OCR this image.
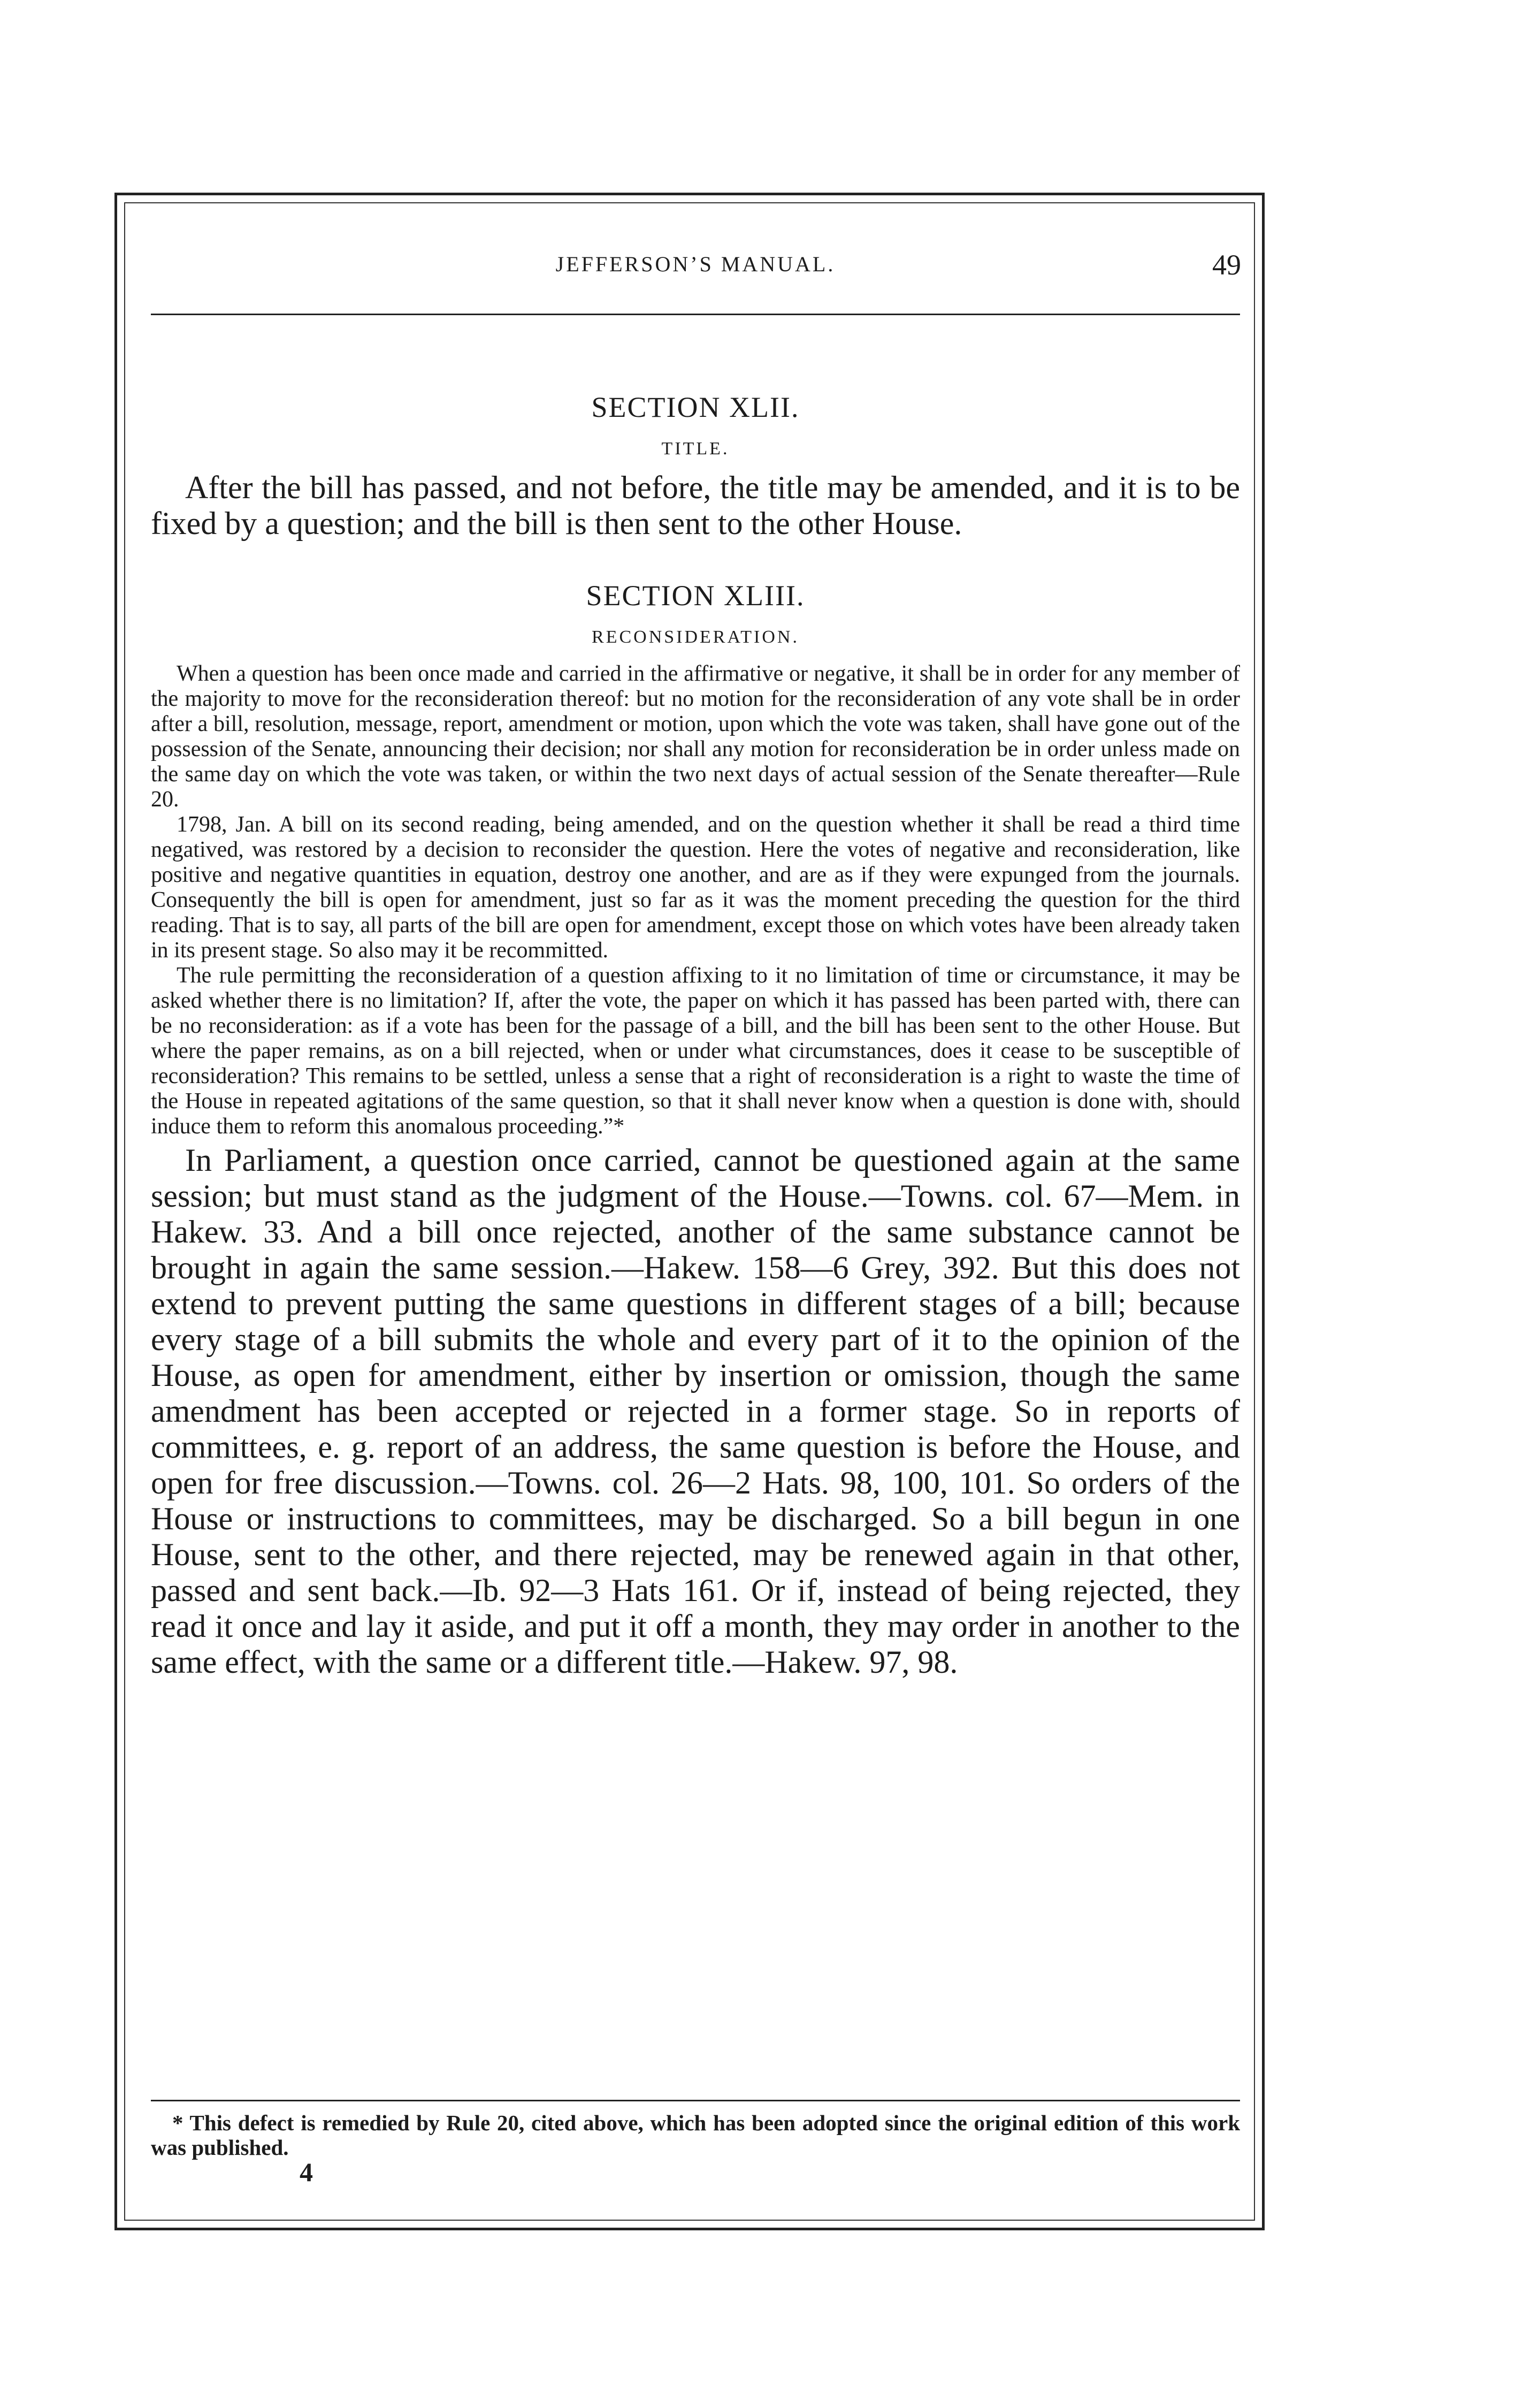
JEFFERSON’S MANUAL.	49
SECTION XLII.
TITLE.

After the bill has passed, and not before, the title may be amended, and it is to be fixed by a question; and the bill is then sent to the other House.

SECTION XLIII.
RECONSIDERATION.

When a question has been once made and carried in the affirmative or negative, it shall be in order for any member of the majority to move for the reconsideration thereof: but no motion for the reconsideration of any vote shall be in order after a bill, resolution, message, report, amendment or motion, upon which the vote was taken, shall have gone out of the possession of the Senate, announcing their decision; nor shall any motion for reconsideration be in order unless made on the same day on which the vote was taken, or within the two next days of actual session of the Senate thereafter—Rule 20.

1798, Jan. A bill on its second reading, being amended, and on the question whether it shall be read a third time negatived, was restored by a decision to reconsider the question. Here the votes of negative and reconsideration, like positive and negative quantities in equation, destroy one another, and are as if they were expunged from the journals. Consequently the bill is open for amendment, just so far as it was the moment preceding the question for the third reading. That is to say, all parts of the bill are open for amendment, except those on which votes have been already taken in its present stage. So also may it be recommitted.

The rule permitting the reconsideration of a question affixing to it no limitation of time or circumstance, it may be asked whether there is no limitation? If, after the vote, the paper on which it has passed has been parted with, there can be no reconsideration: as if a vote has been for the passage of a bill, and the bill has been sent to the other House. But where the paper remains, as on a bill rejected, when or under what circumstances, does it cease to be susceptible of reconsideration? This remains to be settled, unless a sense that a right of reconsideration is a right to waste the time of the House in repeated agitations of the same question, so that it shall never know when a question is done with, should induce them to reform this anomalous proceeding.”*

In Parliament, a question once carried, cannot be questioned again at the same session; but must stand as the judgment of the House.—Towns. col. 67—Mem. in Hakew. 33. And a bill once rejected, another of the same substance cannot be brought in again the same session.—Hakew. 158—6 Grey, 392. But this does not extend to prevent putting the same questions in different stages of a bill; because every stage of a bill submits the whole and every part of it to the opinion of the House, as open for amendment, either by insertion or omission, though the same amendment has been accepted or rejected in a former stage. So in reports of committees, e. g. report of an address, the same question is before the House, and open for free discussion.—Towns. col. 26—2 Hats. 98, 100, 101. So orders of the House or instructions to committees, may be discharged. So a bill begun in one House, sent to the other, and there rejected, may be renewed again in that other, passed and sent back.—Ib. 92—3 Hats 161. Or if, instead of being rejected, they read it once and lay it aside, and put it off a month, they may order in another to the same effect, with the same or a different title.—Hakew. 97, 98.

* This defect is remedied by Rule 20, cited above, which has been adopted since the original edition of this work was published.
4
